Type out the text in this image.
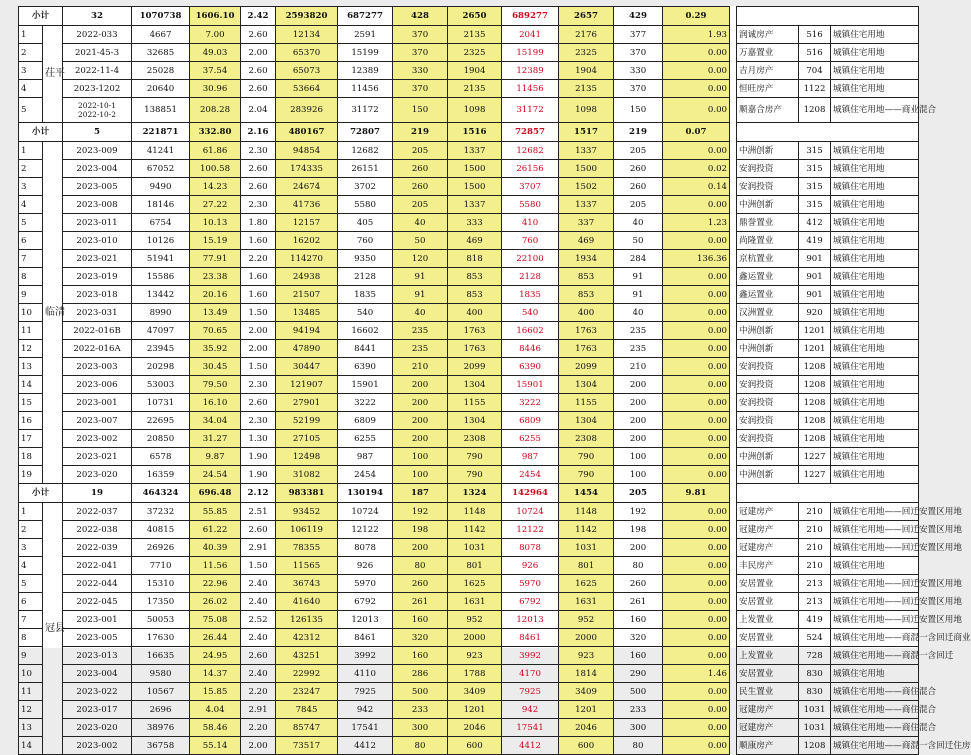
小计		32	1070738	1606.10	2.42	2593820	687277	428	2650	689277	2657	429	0.29				
1	茌平	2022-033	4667	7.00	2.60	12134	2591	370	2135	2041	2176	377	1.93		润诚房产	516	城镇住宅用地
2		2021-45-3	32685	49.03	2.00	65370	15199	370	2325	15199	2325	370	0.00		万嘉置业	516	城镇住宅用地
3		2022-11-4	25028	37.54	2.60	65073	12389	330	1904	12389	1904	330	0.00		吉月房产	704	城镇住宅用地
4		2023-1202	20640	30.96	2.60	53664	11456	370	2135	11456	2135	370	0.00		恒旺房产	1122	城镇住宅用地
5		2022-10-1
2022-10-2	138851	208.28	2.04	283926	31172	150	1098	31172	1098	150	0.00		顺嘉合房产	1208	城镇住宅用地——商业混合
小计		5	221871	332.80	2.16	480167	72807	219	1516	72857	1517	219	0.07				
1	临清	2023-009	41241	61.86	2.30	94854	12682	205	1337	12682	1337	205	0.00		中洲创新	315	城镇住宅用地
2		2023-004	67052	100.58	2.60	174335	26151	260	1500	26156	1500	260	0.02		安润投资	315	城镇住宅用地
3		2023-005	9490	14.23	2.60	24674	3702	260	1500	3707	1502	260	0.14		安润投资	315	城镇住宅用地
4		2023-008	18146	27.22	2.30	41736	5580	205	1337	5580	1337	205	0.00		中洲创新	315	城镇住宅用地
5		2023-011	6754	10.13	1.80	12157	405	40	333	410	337	40	1.23		鼎誉置业	412	城镇住宅用地
6		2023-010	10126	15.19	1.60	16202	760	50	469	760	469	50	0.00		尚隆置业	419	城镇住宅用地
7		2023-021	51941	77.91	2.20	114270	9350	120	818	22100	1934	284	136.36		京杭置业	901	城镇住宅用地
8		2023-019	15586	23.38	1.60	24938	2128	91	853	2128	853	91	0.00		鑫运置业	901	城镇住宅用地
9		2023-018	13442	20.16	1.60	21507	1835	91	853	1835	853	91	0.00		鑫运置业	901	城镇住宅用地
10		2023-031	8990	13.49	1.50	13485	540	40	400	540	400	40	0.00		汉洲置业	920	城镇住宅用地
11		2022-016B	47097	70.65	2.00	94194	16602	235	1763	16602	1763	235	0.00		中洲创新	1201	城镇住宅用地
12		2022-016A	23945	35.92	2.00	47890	8441	235	1763	8446	1763	235	0.00		中洲创新	1201	城镇住宅用地
13		2023-003	20298	30.45	1.50	30447	6390	210	2099	6390	2099	210	0.00		安润投资	1208	城镇住宅用地
14		2023-006	53003	79.50	2.30	121907	15901	200	1304	15901	1304	200	0.00		安润投资	1208	城镇住宅用地
15		2023-001	10731	16.10	2.60	27901	3222	200	1155	3222	1155	200	0.00		安润投资	1208	城镇住宅用地
16		2023-007	22695	34.04	2.30	52199	6809	200	1304	6809	1304	200	0.00		安润投资	1208	城镇住宅用地
17		2023-002	20850	31.27	1.30	27105	6255	200	2308	6255	2308	200	0.00		安润投资	1208	城镇住宅用地
18		2023-021	6578	9.87	1.90	12498	987	100	790	987	790	100	0.00		中洲创新	1227	城镇住宅用地
19		2023-020	16359	24.54	1.90	31082	2454	100	790	2454	790	100	0.00		中洲创新	1227	城镇住宅用地
小计		19	464324	696.48	2.12	983381	130194	187	1324	142964	1454	205	9.81				
1	冠县	2022-037	37232	55.85	2.51	93452	10724	192	1148	10724	1148	192	0.00		冠建房产	210	城镇住宅用地——回迁安置区用地
2		2022-038	40815	61.22	2.60	106119	12122	198	1142	12122	1142	198	0.00		冠建房产	210	城镇住宅用地——回迁安置区用地
3		2022-039	26926	40.39	2.91	78355	8078	200	1031	8078	1031	200	0.00		冠建房产	210	城镇住宅用地——回迁安置区用地
4		2022-041	7710	11.56	1.50	11565	926	80	801	926	801	80	0.00		丰民房产	210	城镇住宅用地
5		2022-044	15310	22.96	2.40	36743	5970	260	1625	5970	1625	260	0.00		安居置业	213	城镇住宅用地——回迁安置区用地
6		2022-045	17350	26.02	2.40	41640	6792	261	1631	6792	1631	261	0.00		安居置业	213	城镇住宅用地——回迁安置区用地
7		2023-001	50053	75.08	2.52	126135	12013	160	952	12013	952	160	0.00		上发置业	419	城镇住宅用地——回迁安置区用地
8		2023-005	17630	26.44	2.40	42312	8461	320	2000	8461	2000	320	0.00		安居置业	524	城镇住宅用地——商混一含回迁商业
9		2023-013	16635	24.95	2.60	43251	3992	160	923	3992	923	160	0.00		上发置业	728	城镇住宅用地——商混一含回迁
10		2023-004	9580	14.37	2.40	22992	4110	286	1788	4170	1814	290	1.46		安居置业	830	城镇住宅用地
11		2023-022	10567	15.85	2.20	23247	7925	500	3409	7925	3409	500	0.00		民生置业	830	城镇住宅用地——商住混合
12		2023-017	2696	4.04	2.91	7845	942	233	1201	942	1201	233	0.00		冠建房产	1031	城镇住宅用地——商住混合
13		2023-020	38976	58.46	2.20	85747	17541	300	2046	17541	2046	300	0.00		冠建房产	1031	城镇住宅用地——商住混合
14		2023-002	36758	55.14	2.00	73517	4412	80	600	4412	600	80	0.00		顺康房产	1208	城镇住宅用地——商混一含回迁住房
